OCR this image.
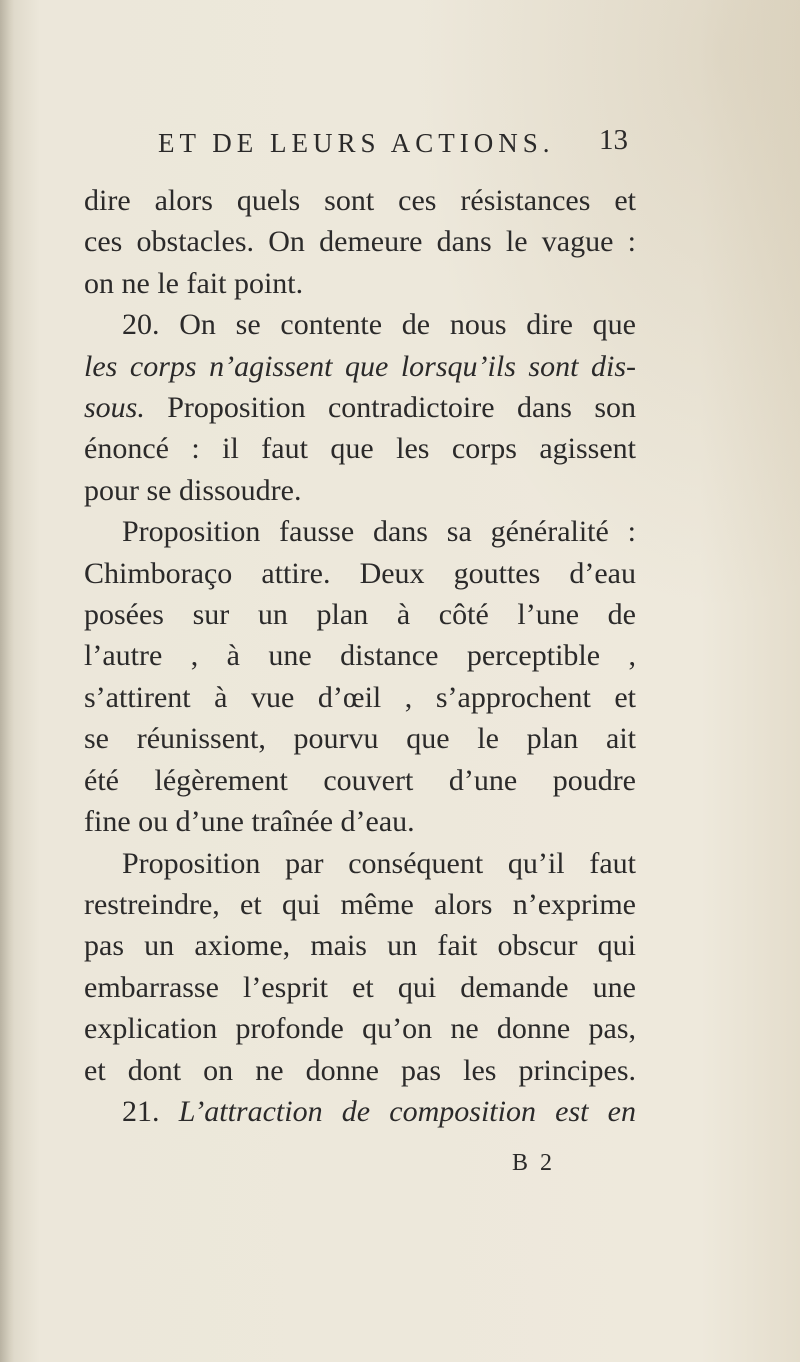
ET DE LEURS ACTIONS. 13
dire alors quels sont ces résistances et
ces obstacles. On demeure dans le vague :
on ne le fait point.
20. On se contente de nous dire que
les corps n’agissent que lorsqu’ils sont dis-
sous. Proposition contradictoire dans son
énoncé : il faut que les corps agissent
pour se dissoudre.
Proposition fausse dans sa généralité :
Chimboraço attire. Deux gouttes d’eau
posées sur un plan à côté l’une de
l’autre , à une distance perceptible ,
s’attirent à vue d’œil , s’approchent et
se réunissent, pourvu que le plan ait
été légèrement couvert d’une poudre
fine ou d’une traînée d’eau.
Proposition par conséquent qu’il faut
restreindre, et qui même alors n’exprime
pas un axiome, mais un fait obscur qui
embarrasse l’esprit et qui demande une
explication profonde qu’on ne donne pas,
et dont on ne donne pas les principes.
21. L’attraction de composition est en
B 2
